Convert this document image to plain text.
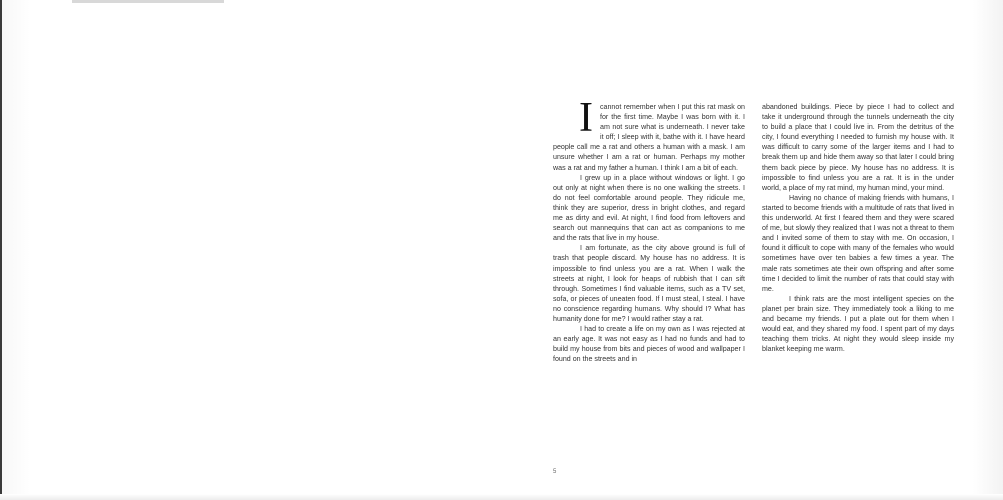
Icannot remember when I put this rat mask on for the first time. Maybe I was born with it. I am not sure what is underneath. I never take it off; I sleep with it, bathe with it. I have heard people call me a rat and others a human with a mask. I am unsure whether I am a rat or human. Perhaps my mother was a rat and my father a human. I think I am a bit of each.

I grew up in a place without windows or light. I go out only at night when there is no one walking the streets. I do not feel comfortable around people. They ridicule me, think they are superior, dress in bright clothes, and regard me as dirty and evil. At night, I find food from leftovers and search out mannequins that can act as companions to me and the rats that live in my house.

I am fortunate, as the city above ground is full of trash that people discard. My house has no address. It is impossible to find unless you are a rat. When I walk the streets at night, I look for heaps of rubbish that I can sift through. Sometimes I find valuable items, such as a TV set, sofa, or pieces of uneaten food. If I must steal, I steal. I have no conscience regarding humans. Why should I? What has humanity done for me? I would rather stay a rat.

I had to create a life on my own as I was rejected at an early age. It was not easy as I had no funds and had to build my house from bits and pieces of wood and wallpaper I found on the streets and in

abandoned buildings. Piece by piece I had to collect and take it underground through the tunnels underneath the city to build a place that I could live in. From the detritus of the city, I found everything I needed to furnish my house with. It was difficult to carry some of the larger items and I had to break them up and hide them away so that later I could bring them back piece by piece. My house has no address. It is impossible to find unless you are a rat. It is in the under world, a place of my rat mind, my human mind, your mind.

Having no chance of making friends with humans, I started to become friends with a multitude of rats that lived in this underworld. At first I feared them and they were scared of me, but slowly they realized that I was not a threat to them and I invited some of them to stay with me. On occasion, I found it difficult to cope with many of the females who would sometimes have over ten babies a few times a year. The male rats sometimes ate their own offspring and after some time I decided to limit the number of rats that could stay with me.

I think rats are the most intelligent species on the planet per brain size. They immediately took a liking to me and became my friends. I put a plate out for them when I would eat, and they shared my food. I spent part of my days teaching them tricks. At night they would sleep inside my blanket keeping me warm.

5
